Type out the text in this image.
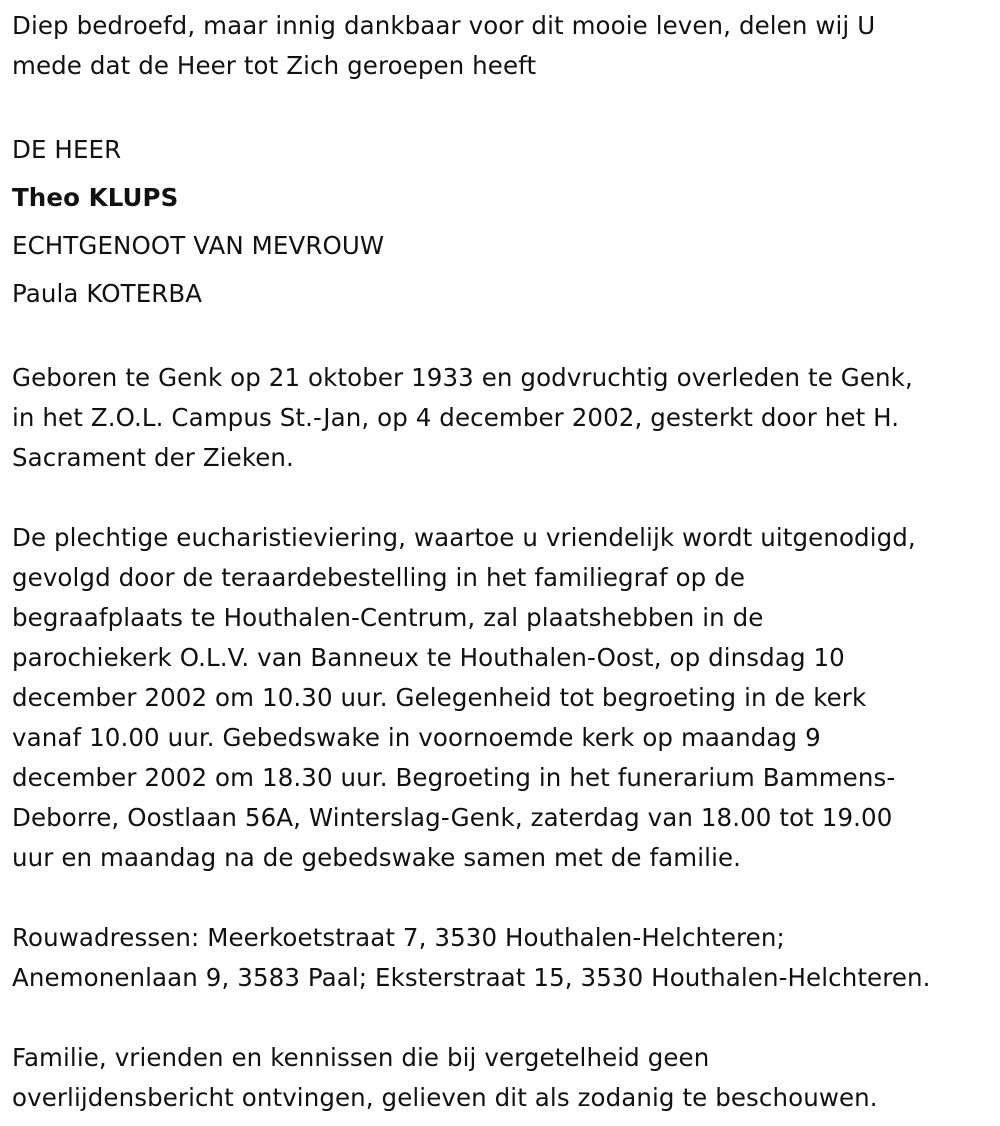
Diep bedroefd, maar innig dankbaar voor dit mooie leven, delen wij U
mede dat de Heer tot Zich geroepen heeft

DE HEER
Theo KLUPS
ECHTGENOOT VAN MEVROUW
Paula KOTERBA

Geboren te Genk op 21 oktober 1933 en godvruchtig overleden te Genk,
in het Z.O.L. Campus St.-Jan, op 4 december 2002, gesterkt door het H.
Sacrament der Zieken.

De plechtige eucharistieviering, waartoe u vriendelijk wordt uitgenodigd,
gevolgd door de teraardebestelling in het familiegraf op de
begraafplaats te Houthalen-Centrum, zal plaatshebben in de
parochiekerk O.L.V. van Banneux te Houthalen-Oost, op dinsdag 10
december 2002 om 10.30 uur. Gelegenheid tot begroeting in de kerk
vanaf 10.00 uur. Gebedswake in voornoemde kerk op maandag 9
december 2002 om 18.30 uur. Begroeting in het funerarium Bammens-
Deborre, Oostlaan 56A, Winterslag-Genk, zaterdag van 18.00 tot 19.00
uur en maandag na de gebedswake samen met de familie.

Rouwadressen: Meerkoetstraat 7, 3530 Houthalen-Helchteren;
Anemonenlaan 9, 3583 Paal; Eksterstraat 15, 3530 Houthalen-Helchteren.

Familie, vrienden en kennissen die bij vergetelheid geen
overlijdensbericht ontvingen, gelieven dit als zodanig te beschouwen.
